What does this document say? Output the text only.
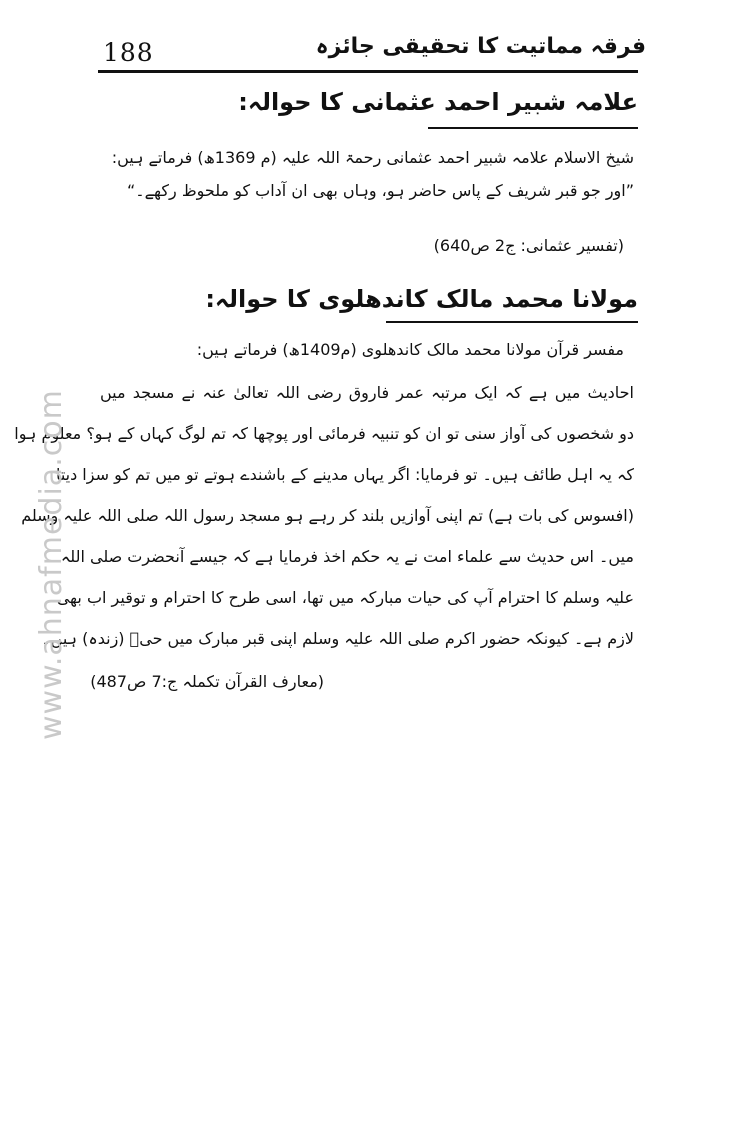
188	فرقہ مماتیت کا تحقیقی جائزہ
علامہ شبیر احمد عثمانی کا حوالہ:
شیخ الاسلام علامہ شبیر احمد عثمانی رحمۃ اللہ علیہ (م 1369ھ) فرماتے ہیں:
”اور جو قبر شریف کے پاس حاضر ہو، وہاں بھی ان آداب کو ملحوظ رکھے۔“
(تفسیر عثمانی: ج2 ص640)
مولانا محمد مالک کاندھلوی کا حوالہ:
مفسر قرآن مولانا محمد مالک کاندھلوی (م1409ھ) فرماتے ہیں:
احادیث میں ہے کہ ایک مرتبہ عمر فاروق رضی اللہ تعالیٰ عنہ نے مسجد میں
دو شخصوں کی آواز سنی تو ان کو تنبیہ فرمائی اور پوچھا کہ تم لوگ کہاں کے ہو؟ معلوم ہوا
کہ یہ اہل طائف ہیں۔ تو فرمایا: اگر یہاں مدینے کے باشندے ہوتے تو میں تم کو سزا دیتا
(افسوس کی بات ہے) تم اپنی آوازیں بلند کر رہے ہو مسجد رسول اللہ صلی اللہ علیہ وسلم
میں۔ اس حدیث سے علماء امت نے یہ حکم اخذ فرمایا ہے کہ جیسے آنحضرت صلی اللہ
علیہ وسلم کا احترام آپ کی حیات مبارکہ میں تھا، اسی طرح کا احترام و توقیر اب بھی
لازم ہے۔ کیونکہ حضور اکرم صلی اللہ علیہ وسلم اپنی قبر مبارک میں حیؔ (زندہ) ہیں۔
(معارف القرآن تکملہ ج:7 ص487)
www.ahnafmedia.com
